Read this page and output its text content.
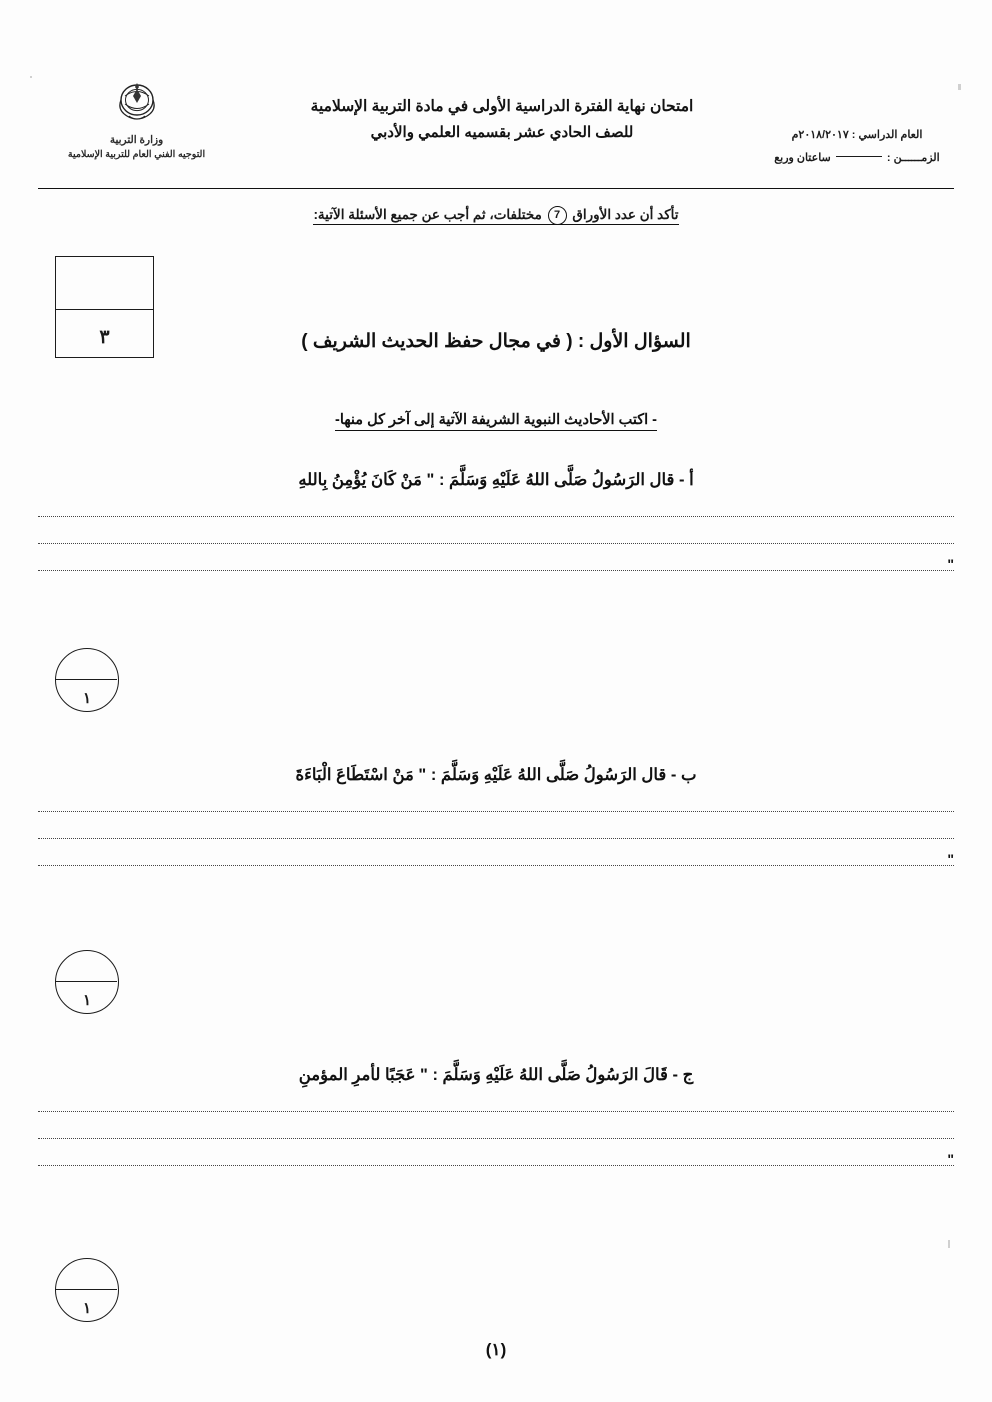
وزارة التربية
التوجيه الفني العام للتربية الإسلامية
امتحان نهاية الفترة الدراسية الأولى في مادة التربية الإسلامية
للصف الحادي عشر بقسميه العلمي والأدبي	العام الدراسي : ٢٠١٨/٢٠١٧م
الزمــــــن :  ساعتان وربع
تأكد أن عدد الأوراق 7 مختلفات، ثم أجب عن جميع الأسئلة الآتية:
٣	السؤال الأول : ( في مجال حفظ الحديث الشريف )
- اكتب الأحاديث النبوية الشريفة الآتية إلى آخر كل منها-
أ - قال الرَسُولُ صَلَّى اللهُ عَلَيْهِ وَسَلَّمَ : " مَنْ كَانَ يُؤْمِنُ بِاللهِ
"
١
ب - قال الرَسُولُ صَلَّى اللهُ عَلَيْهِ وَسَلَّمَ : " مَنْ اسْتَطَاعَ الْبَاءَةَ
"
١
ج - قَالَ الرَسُولُ صَلَّى اللهُ عَلَيْهِ وَسَلَّمَ : " عَجَبًا لأمرِ المؤمنِ
"
١
(١)
